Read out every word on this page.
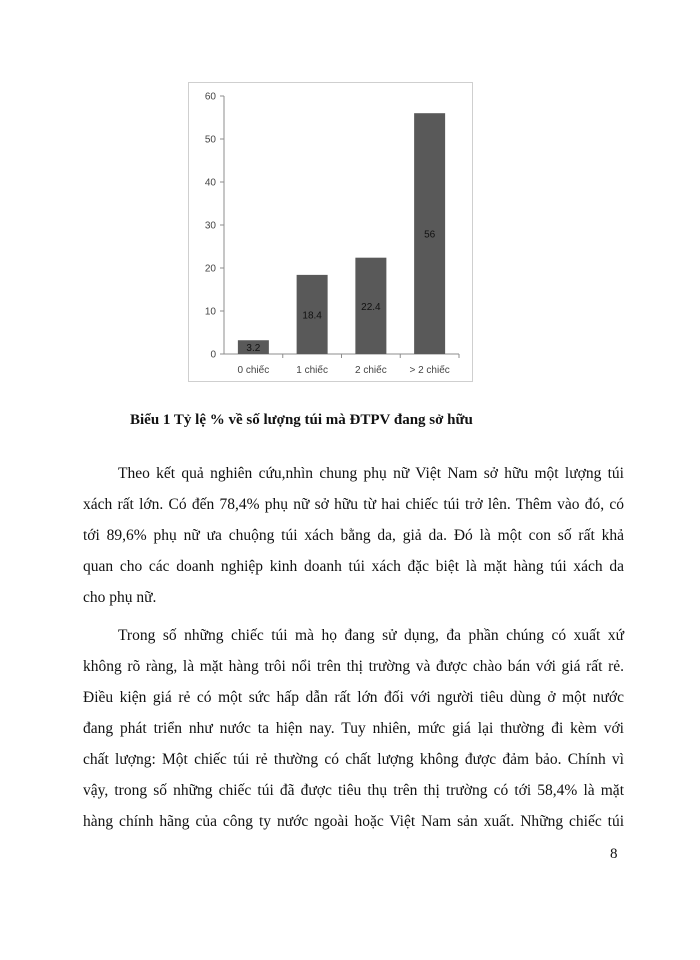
0
10
20
30
40
50
60
3.2
0 chiếc
18.4
1 chiếc
22.4
2 chiếc
56
> 2 chiếc
Biểu 1 Tỷ lệ % về số lượng túi mà ĐTPV đang sở hữu
Theo kết quả nghiên cứu,nhìn chung phụ nữ Việt Nam sở hữu một lượng túi
xách rất lớn. Có đến 78,4% phụ nữ sở hữu từ hai chiếc túi trở lên. Thêm vào đó, có
tới 89,6% phụ nữ ưa chuộng túi xách bằng da, giả da. Đó là một con số rất khả
quan cho các doanh nghiệp kinh doanh túi xách đặc biệt là mặt hàng túi xách da
cho phụ nữ.
Trong số những chiếc túi mà họ đang sử dụng, đa phần chúng có xuất xứ
không rõ ràng, là mặt hàng trôi nổi trên thị trường và được chào bán với giá rất rẻ.
Điều kiện giá rẻ có một sức hấp dẫn rất lớn đối với người tiêu dùng ở một nước
đang phát triển như nước ta hiện nay. Tuy nhiên, mức giá lại thường đi kèm với
chất lượng: Một chiếc túi rẻ thường có chất lượng không được đảm bảo. Chính vì
vậy, trong số những chiếc túi đã được tiêu thụ trên thị trường có tới 58,4% là mặt
hàng chính hãng của công ty nước ngoài hoặc Việt Nam sản xuất. Những chiếc túi
8
